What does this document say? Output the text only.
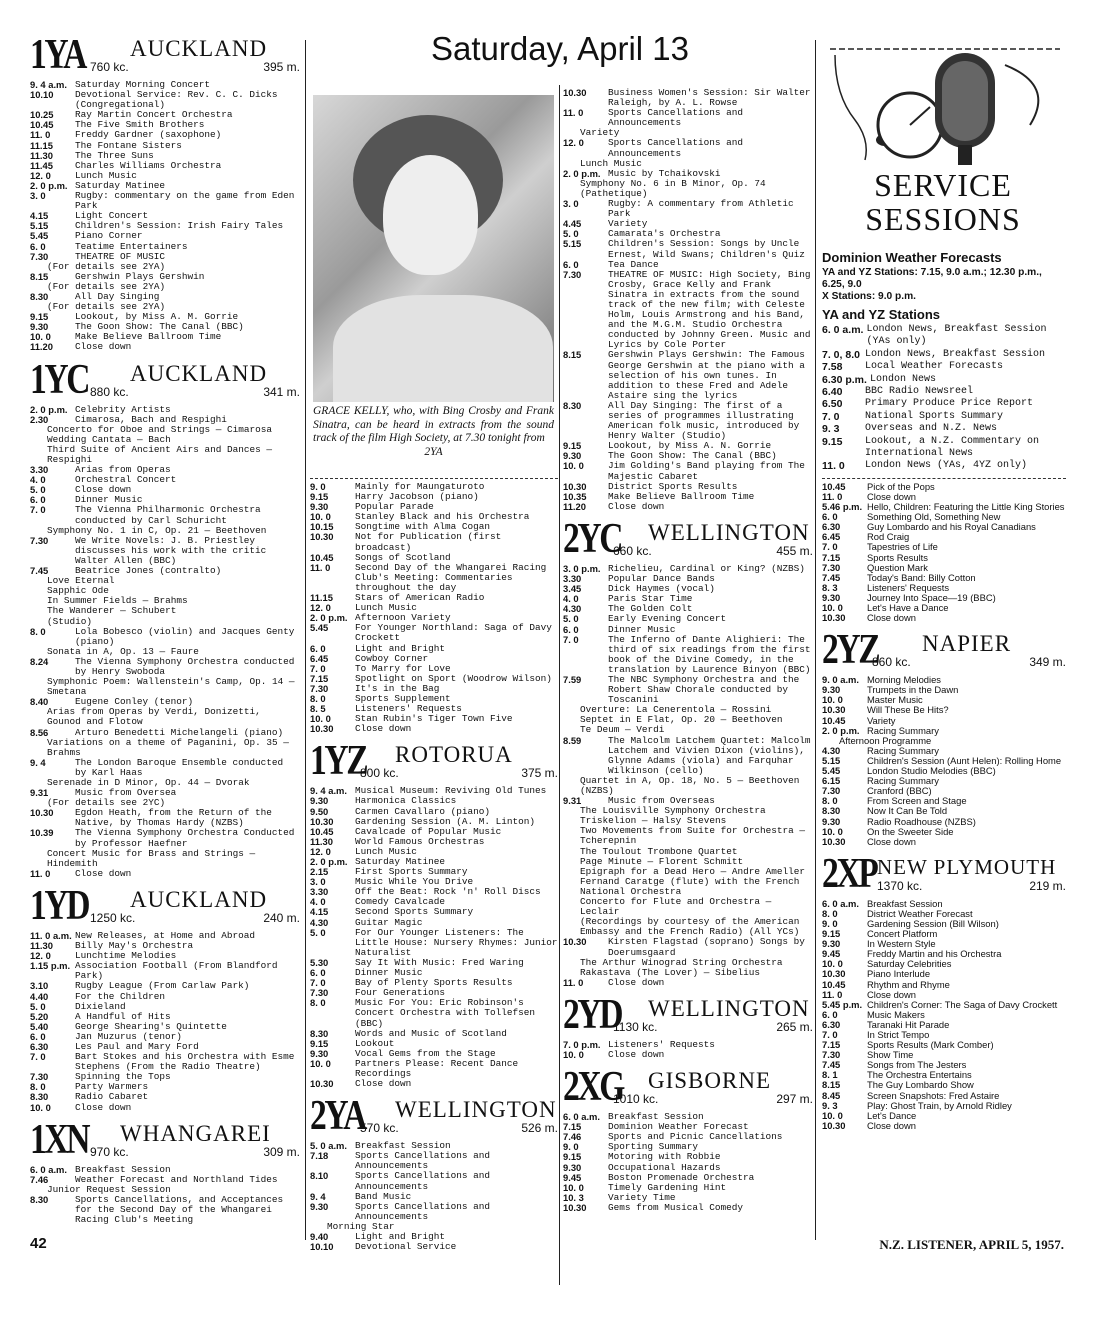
Saturday, April 13
1YA AUCKLAND
760 kc.	395 m.
9. 4 a.m. Saturday Morning Concert
10.10	Devotional Service: Rev. C. C. Dicks (Congregational)
10.25	Ray Martin Concert Orchestra
10.45	The Five Smith Brothers
11. 0	Freddy Gardner (saxophone)
11.15	The Fontane Sisters
11.30	The Three Suns
11.45	Charles Williams Orchestra
12. 0	Lunch Music
2. 0 p.m. Saturday Matinee
3. 0	Rugby: commentary on the game from Eden Park
4.15	Light Concert
5.15	Children's Session: Irish Fairy Tales
5.45	Piano Corner
6. 0	Teatime Entertainers
7.30	THEATRE OF MUSIC
(For details see 2YA)
8.15	Gershwin Plays Gershwin
(For details see 2YA)
8.30	All Day Singing
(For details see 2YA)
9.15	Lookout, by Miss A. M. Gorrie
9.30	The Goon Show: The Canal (BBC)
10. 0	Make Believe Ballroom Time
11.20	Close down
1YC AUCKLAND
880 kc.	341 m.
2. 0 p.m. Celebrity Artists
2.30	Cimarosa, Bach and Respighi
Concerto for Oboe and Strings — Cimarosa
Wedding Cantata — Bach
Third Suite of Ancient Airs and Dances — Respighi
3.30	Arias from Operas
4. 0	Orchestral Concert
5. 0	Close down
6. 0	Dinner Music
7. 0	The Vienna Philharmonic Orchestra conducted by Carl Schuricht
Symphony No. 1 in C, Op. 21 — Beethoven
7.30	We Write Novels: J. B. Priestley discusses his work with the critic Walter Allen (BBC)
7.45	Beatrice Jones (contralto)
Love Eternal
Sapphic Ode
In Summer Fields — Brahms
The Wanderer — Schubert
(Studio)
8. 0	Lola Bobesco (violin) and Jacques Genty (piano)
Sonata in A, Op. 13 — Faure
8.24	The Vienna Symphony Orchestra conducted by Henry Swoboda
Symphonic Poem: Wallenstein's Camp, Op. 14 — Smetana
8.40	Eugene Conley (tenor)
Arias from Operas by Verdi, Donizetti, Gounod and Flotow
8.56	Arturo Benedetti Michelangeli (piano)
Variations on a theme of Paganini, Op. 35 — Brahms
9. 4	The London Baroque Ensemble conducted by Karl Haas
Serenade in D Minor, Op. 44 — Dvorak
9.31	Music from Oversea
(For details see 2YC)
10.30	Egdon Heath, from the Return of the Native, by Thomas Hardy (NZBS)
10.39	The Vienna Symphony Orchestra Conducted by Professor Haefner
Concert Music for Brass and Strings — Hindemith
11. 0	Close down
1YD AUCKLAND
1250 kc.	240 m.
11. 0 a.m. New Releases, at Home and Abroad
11.30	Billy May's Orchestra
12. 0	Lunchtime Melodies
1.15 p.m. Association Football (From Blandford Park)
3.10	Rugby League (From Carlaw Park)
4.40	For the Children
5. 0	Dixieland
5.20	A Handful of Hits
5.40	George Shearing's Quintette
6. 0	Jan Muzurus (tenor)
6.30	Les Paul and Mary Ford
7. 0	Bart Stokes and his Orchestra with Esme Stephens (From the Radio Theatre)
7.30	Spinning the Tops
8. 0	Party Warmers
8.30	Radio Cabaret
10. 0	Close down
1XN WHANGAREI
970 kc.	309 m.
6. 0 a.m. Breakfast Session
7.46	Weather Forecast and Northland Tides
Junior Request Session
8.30	Sports Cancellations, and Acceptances for the Second Day of the Whangarei Racing Club's Meeting
GRACE KELLY, who, with Bing Crosby and Frank Sinatra, can be heard in extracts from the sound track of the film High Society, at 7.30 tonight from
2YA
9. 0	Mainly for Maungaturoto
9.15	Harry Jacobson (piano)
9.30	Popular Parade
10. 0	Stanley Black and his Orchestra
10.15	Songtime with Alma Cogan
10.30	Not for Publication (first broadcast)
10.45	Songs of Scotland
11. 0	Second Day of the Whangarei Racing Club's Meeting: Commentaries throughout the day
11.15	Stars of American Radio
12. 0	Lunch Music
2. 0 p.m. Afternoon Variety
5.45	For Younger Northland: Saga of Davy Crockett
6. 0	Light and Bright
6.45	Cowboy Corner
7. 0	To Marry for Love
7.15	Spotlight on Sport (Woodrow Wilson)
7.30	It's in the Bag
8. 0	Sports Supplement
8. 5	Listeners' Requests
10. 0	Stan Rubin's Tiger Town Five
10.30	Close down
1YZ ROTORUA
800 kc.	375 m.
9. 4 a.m. Musical Museum: Reviving Old Tunes
9.30	Harmonica Classics
9.50	Carmen Cavallaro (piano)
10.30	Gardening Session (A. M. Linton)
10.45	Cavalcade of Popular Music
11.30	World Famous Orchestras
12. 0	Lunch Music
2. 0 p.m. Saturday Matinee
2.15	First Sports Summary
3. 0	Music While You Drive
3.30	Off the Beat: Rock 'n' Roll Discs
4. 0	Comedy Cavalcade
4.15	Second Sports Summary
4.30	Guitar Magic
5. 0	For Our Younger Listeners: The Little House: Nursery Rhymes: Junior Naturalist
5.30	Say It With Music: Fred Waring
6. 0	Dinner Music
7. 0	Bay of Plenty Sports Results
7.30	Four Generations
8. 0	Music For You: Eric Robinson's Concert Orchestra with Tollefsen (BBC)
8.30	Words and Music of Scotland
9.15	Lookout
9.30	Vocal Gems from the Stage
10. 0	Partners Please: Recent Dance Recordings
10.30	Close down
2YA WELLINGTON
570 kc.	526 m.
5. 0 a.m. Breakfast Session
7.18	Sports Cancellations and Announcements
8.10	Sports Cancellations and Announcements
9. 4	Band Music
9.30	Sports Cancellations and Announcements
Morning Star
9.40	Light and Bright
10.10	Devotional Service
10.30	Business Women's Session: Sir Walter Raleigh, by A. L. Rowse
11. 0	Sports Cancellations and Announcements
Variety
12. 0	Sports Cancellations and Announcements
Lunch Music
2. 0 p.m. Music by Tchaikovski
Symphony No. 6 in B Minor, Op. 74 (Pathetique)
3. 0	Rugby: A commentary from Athletic Park
4.45	Variety
5. 0	Camarata's Orchestra
5.15	Children's Session: Songs by Uncle Ernest, Wild Swans; Children's Quiz
6. 0	Tea Dance
7.30	THEATRE OF MUSIC: High Society, Bing Crosby, Grace Kelly and Frank Sinatra in extracts from the sound track of the new film; with Celeste Holm, Louis Armstrong and his Band, and the M.G.M. Studio Orchestra conducted by Johnny Green. Music and Lyrics by Cole Porter
8.15	Gershwin Plays Gershwin: The Famous George Gershwin at the piano with a selection of his own tunes. In addition to these Fred and Adele Astaire sing the lyrics
8.30	All Day Singing: The first of a series of programmes illustrating American folk music, introduced by Henry Walter (Studio)
9.15	Lookout, by Miss A. N. Gorrie
9.30	The Goon Show: The Canal (BBC)
10. 0	Jim Golding's Band playing from The Majestic Cabaret
10.30	District Sports Results
10.35	Make Believe Ballroom Time
11.20	Close down
2YC WELLINGTON
660 kc.	455 m.
3. 0 p.m. Richelieu, Cardinal or King? (NZBS)
3.30	Popular Dance Bands
3.45	Dick Haymes (vocal)
4. 0	Paris Star Time
4.30	The Golden Colt
5. 0	Early Evening Concert
6. 0	Dinner Music
7. 0	The Inferno of Dante Alighieri: The third of six readings from the first book of the Divine Comedy, in the translation by Laurence Binyon (BBC)
7.59	The NBC Symphony Orchestra and the Robert Shaw Chorale conducted by Toscanini
Overture: La Cenerentola — Rossini
Septet in E Flat, Op. 20 — Beethoven
Te Deum — Verdi
8.59	The Malcolm Latchem Quartet: Malcolm Latchem and Vivien Dixon (violins), Glynne Adams (viola) and Farquhar Wilkinson (cello)
Quartet in A, Op. 18, No. 5 — Beethoven (NZBS)
9.31	Music from Overseas
The Louisville Symphony Orchestra
Triskelion — Halsy Stevens
Two Movements from Suite for Orchestra — Tcherepnin
The Toulout Trombone Quartet
Page Minute — Florent Schmitt
Epigraph for a Dead Hero — Andre Ameller
Fernand Caratge (flute) with the French National Orchestra
Concerto for Flute and Orchestra — Leclair
(Recordings by courtesy of the American Embassy and the French Radio) (All YCs)
10.30	Kirsten Flagstad (soprano) Songs by Doerumsgaard
The Arthur Winograd String Orchestra
Rakastava (The Lover) — Sibelius
11. 0	Close down
2YD WELLINGTON
1130 kc.	265 m.
7. 0 p.m. Listeners' Requests
10. 0	Close down
2XG GISBORNE
1010 kc.	297 m.
6. 0 a.m. Breakfast Session
7.15	Dominion Weather Forecast
7.46	Sports and Picnic Cancellations
9. 0	Sporting Summary
9.15	Motoring with Robbie
9.30	Occupational Hazards
9.45	Boston Promenade Orchestra
10. 0	Timely Gardening Hint
10. 3	Variety Time
10.30	Gems from Musical Comedy
SERVICE
SESSIONS
Dominion Weather Forecasts
YA and YZ Stations: 7.15, 9.0 a.m.; 12.30 p.m., 6.25, 9.0
X Stations: 9.0 p.m.
YA and YZ Stations
6. 0 a.m. London News, Breakfast Session (YAs only)
7. 0, 8.0 London News, Breakfast Session
7.58	Local Weather Forecasts
6.30 p.m. London News
6.40	BBC Radio Newsreel
6.50	Primary Produce Price Report
7. 0	National Sports Summary
9. 3	Overseas and N.Z. News
9.15	Lookout, a N.Z. Commentary on International News
11. 0	London News (YAs, 4YZ only)
10.45	Pick of the Pops
11. 0	Close down
5.46 p.m. Hello, Children: Featuring the Little King Stories
6. 0	Something Old, Something New
6.30	Guy Lombardo and his Royal Canadians
6.45	Rod Craig
7. 0	Tapestries of Life
7.15	Sports Results
7.30	Question Mark
7.45	Today's Band: Billy Cotton
8. 3	Listeners' Requests
9.30	Journey Into Space—19 (BBC)
10. 0	Let's Have a Dance
10.30	Close down
2YZ NAPIER
860 kc.	349 m.
9. 0 a.m. Morning Melodies
9.30	Trumpets in the Dawn
10. 0	Master Music
10.30	Will These Be Hits?
10.45	Variety
2. 0 p.m. Racing Summary
Afternoon Programme
4.30	Racing Summary
5.15	Children's Session (Aunt Helen): Rolling Home
5.45	London Studio Melodies (BBC)
6.15	Racing Summary
7.30	Cranford (BBC)
8. 0	From Screen and Stage
8.30	Now It Can Be Told
9.30	Radio Roadhouse (NZBS)
10. 0	On the Sweeter Side
10.30	Close down
2XP NEW PLYMOUTH
1370 kc.	219 m.
6. 0 a.m. Breakfast Session
8. 0	District Weather Forecast
9. 0	Gardening Session (Bill Wilson)
9.15	Concert Platform
9.30	In Western Style
9.45	Freddy Martin and his Orchestra
10. 0	Saturday Celebrities
10.30	Piano Interlude
10.45	Rhythm and Rhyme
11. 0	Close down
5.45 p.m. Children's Corner: The Saga of Davy Crockett
6. 0	Music Makers
6.30	Taranaki Hit Parade
7. 0	In Strict Tempo
7.15	Sports Results (Mark Comber)
7.30	Show Time
7.45	Songs from The Jesters
8. 1	The Orchestra Entertains
8.15	The Guy Lombardo Show
8.45	Screen Snapshots: Fred Astaire
9. 3	Play: Ghost Train, by Arnold Ridley
10. 0	Let's Dance
10.30	Close down
42	N.Z. LISTENER, APRIL 5, 1957.
